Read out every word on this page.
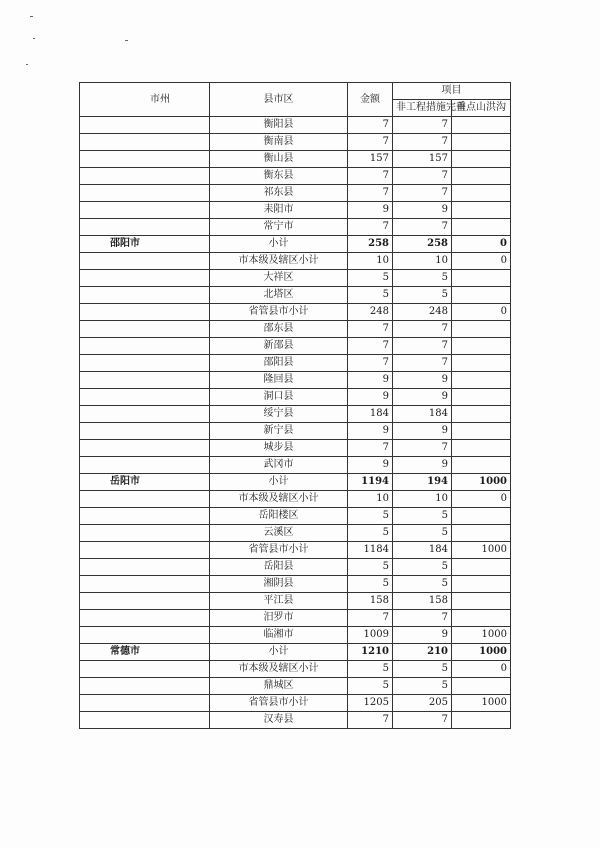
市州	县市区	金额	项目	
			非工程措施完善	重点山洪沟
	衡阳县	7	7	
	衡南县	7	7	
	衡山县	157	157	
	衡东县	7	7	
	祁东县	7	7	
	耒阳市	9	9	
	常宁市	7	7	
邵阳市	小计	258	258	0
	市本级及辖区小计	10	10	0
	大祥区	5	5	
	北塔区	5	5	
	省管县市小计	248	248	0
	邵东县	7	7	
	新邵县	7	7	
	邵阳县	7	7	
	隆回县	9	9	
	洞口县	9	9	
	绥宁县	184	184	
	新宁县	9	9	
	城步县	7	7	
	武冈市	9	9	
岳阳市	小计	1194	194	1000
	市本级及辖区小计	10	10	0
	岳阳楼区	5	5	
	云溪区	5	5	
	省管县市小计	1184	184	1000
	岳阳县	5	5	
	湘阴县	5	5	
	平江县	158	158	
	汨罗市	7	7	
	临湘市	1009	9	1000
常德市	小计	1210	210	1000
	市本级及辖区小计	5	5	0
	鼎城区	5	5	
	省管县市小计	1205	205	1000
	汉寿县	7	7	
